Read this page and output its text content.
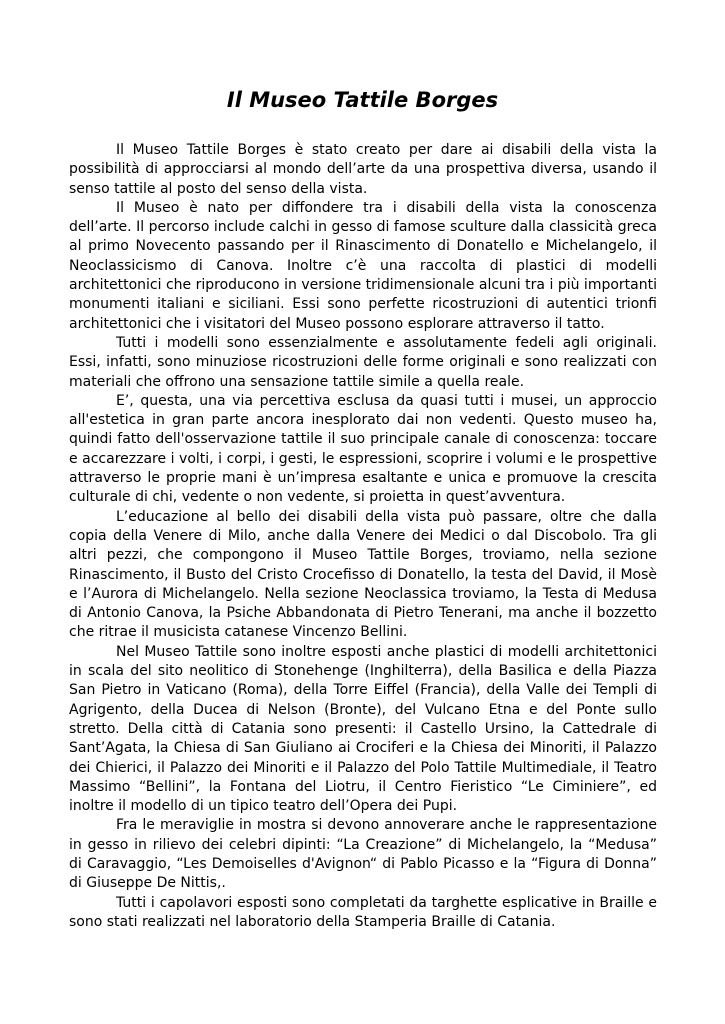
Il Museo Tattile Borges

Il Museo Tattile Borges è stato creato per dare ai disabili della vista la possibilità di approcciarsi al mondo dell’arte da una prospettiva diversa, usando il senso tattile al posto del senso della vista.

Il Museo è nato per diffondere tra i disabili della vista la conoscenza dell’arte. Il percorso include calchi in gesso di famose sculture dalla classicità greca al primo Novecento passando per il Rinascimento di Donatello e Michelangelo, il Neoclassicismo di Canova. Inoltre c’è una raccolta di plastici di modelli architettonici che riproducono in versione tridimensionale alcuni tra i più importanti monumenti italiani e siciliani. Essi sono perfette ricostruzioni di autentici trionfi architettonici che i visitatori del Museo possono esplorare attraverso il tatto.

Tutti i modelli sono essenzialmente e assolutamente fedeli agli originali. Essi, infatti, sono minuziose ricostruzioni delle forme originali e sono realizzati con materiali che offrono una sensazione tattile simile a quella reale.

E’, questa, una via percettiva esclusa da quasi tutti i musei, un approccio all'estetica in gran parte ancora inesplorato dai non vedenti. Questo museo ha, quindi fatto dell'osservazione tattile il suo principale canale di conoscenza: toccare e accarezzare i volti, i corpi, i gesti, le espressioni, scoprire i volumi e le prospettive attraverso le proprie mani è un’impresa esaltante e unica e promuove la crescita culturale di chi, vedente o non vedente, si proietta in quest’avventura.

L’educazione al bello dei disabili della vista può passare, oltre che dalla copia della Venere di Milo, anche dalla Venere dei Medici o dal Discobolo. Tra gli altri pezzi, che compongono il Museo Tattile Borges, troviamo, nella sezione Rinascimento, il Busto del Cristo Crocefisso di Donatello, la testa del David, il Mosè e l’Aurora di Michelangelo. Nella sezione Neoclassica troviamo, la Testa di Medusa di Antonio Canova, la Psiche Abbandonata di Pietro Tenerani, ma anche il bozzetto che ritrae il musicista catanese Vincenzo Bellini.

Nel Museo Tattile sono inoltre esposti anche plastici di modelli architettonici in scala del sito neolitico di Stonehenge (Inghilterra), della Basilica e della Piazza San Pietro in Vaticano (Roma), della Torre Eiffel (Francia), della Valle dei Templi di Agrigento, della Ducea di Nelson (Bronte), del Vulcano Etna e del Ponte sullo stretto. Della città di Catania sono presenti: il Castello Ursino, la Cattedrale di Sant’Agata, la Chiesa di San Giuliano ai Crociferi e la Chiesa dei Minoriti, il Palazzo dei Chierici, il Palazzo dei Minoriti e il Palazzo del Polo Tattile Multimediale, il Teatro Massimo “Bellini”, la Fontana del Liotru, il Centro Fieristico “Le Ciminiere”, ed inoltre il modello di un tipico teatro dell’Opera dei Pupi.

Fra le meraviglie in mostra si devono annoverare anche le rappresentazione in gesso in rilievo dei celebri dipinti: “La Creazione” di Michelangelo, la “Medusa” di Caravaggio, “Les Demoiselles d'Avignon“ di Pablo Picasso e la “Figura di Donna” di Giuseppe De Nittis,.

Tutti i capolavori esposti sono completati da targhette esplicative in Braille e sono stati realizzati nel laboratorio della Stamperia Braille di Catania.
